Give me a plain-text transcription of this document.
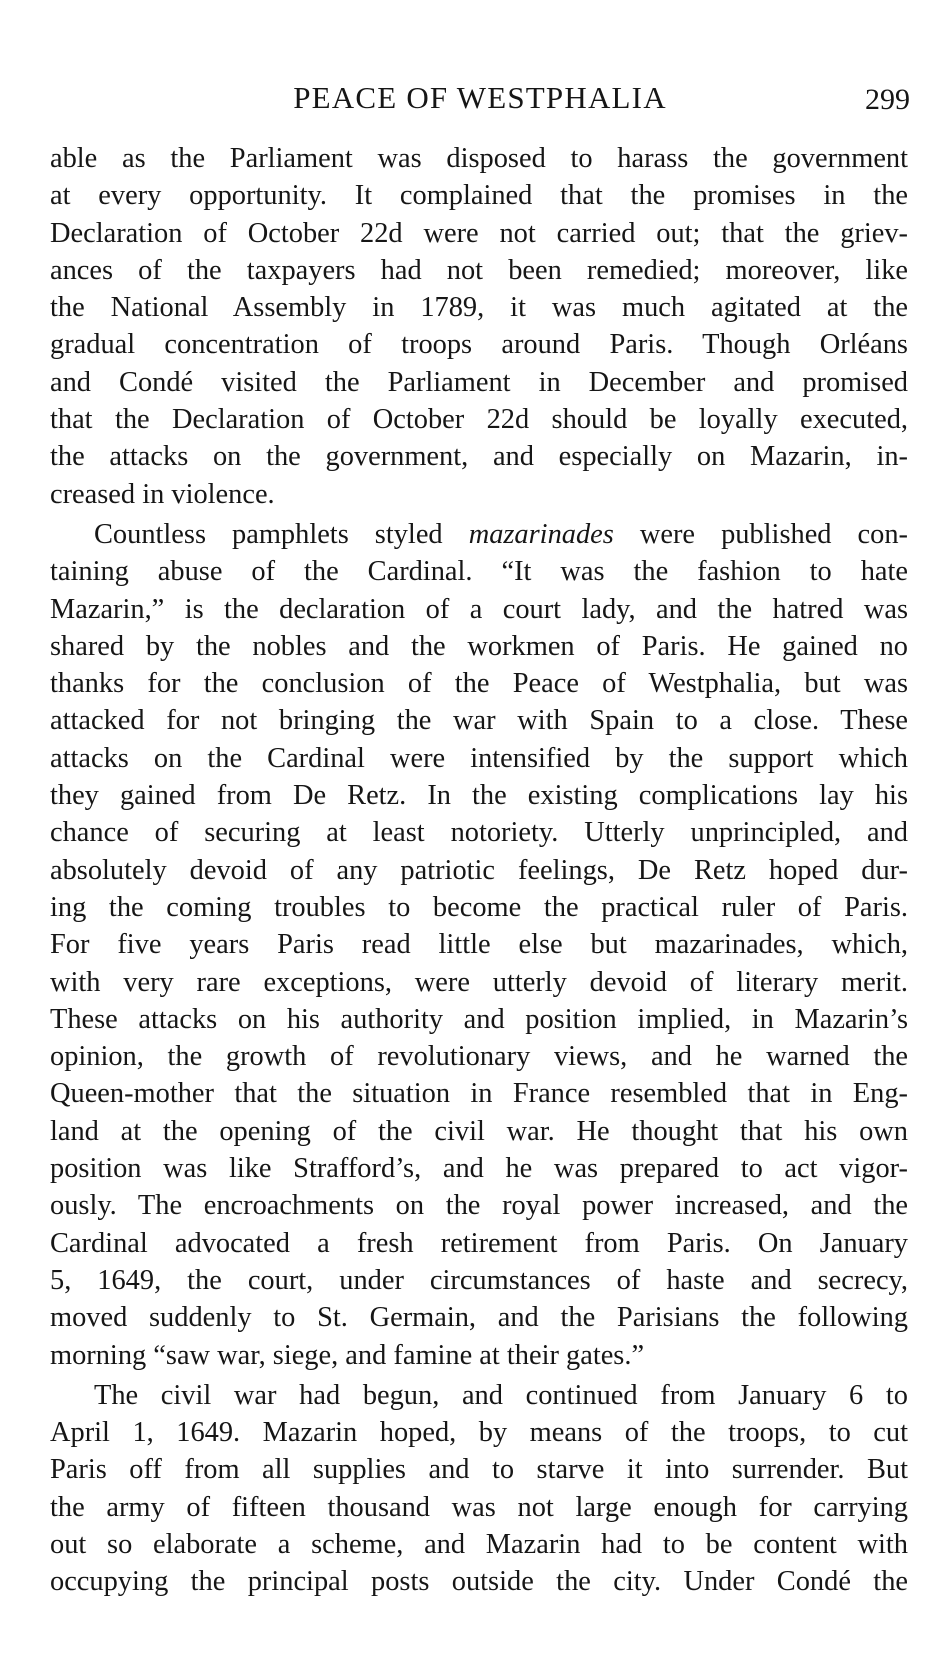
PEACE OF WESTPHALIA	299
able as the Parliament was disposed to harass the government
at every opportunity. It complained that the promises in the
Declaration of October 22d were not carried out; that the griev-
ances of the taxpayers had not been remedied; moreover, like
the National Assembly in 1789, it was much agitated at the
gradual concentration of troops around Paris. Though Orléans
and Condé visited the Parliament in December and promised
that the Declaration of October 22d should be loyally executed,
the attacks on the government, and especially on Mazarin, in-
creased in violence.
Countless pamphlets styled mazarinades were published con-
taining abuse of the Cardinal. “It was the fashion to hate
Mazarin,” is the declaration of a court lady, and the hatred was
shared by the nobles and the workmen of Paris. He gained no
thanks for the conclusion of the Peace of Westphalia, but was
attacked for not bringing the war with Spain to a close. These
attacks on the Cardinal were intensified by the support which
they gained from De Retz. In the existing complications lay his
chance of securing at least notoriety. Utterly unprincipled, and
absolutely devoid of any patriotic feelings, De Retz hoped dur-
ing the coming troubles to become the practical ruler of Paris.
For five years Paris read little else but mazarinades, which,
with very rare exceptions, were utterly devoid of literary merit.
These attacks on his authority and position implied, in Mazarin’s
opinion, the growth of revolutionary views, and he warned the
Queen-mother that the situation in France resembled that in Eng-
land at the opening of the civil war. He thought that his own
position was like Strafford’s, and he was prepared to act vigor-
ously. The encroachments on the royal power increased, and the
Cardinal advocated a fresh retirement from Paris. On January
5, 1649, the court, under circumstances of haste and secrecy,
moved suddenly to St. Germain, and the Parisians the following
morning “saw war, siege, and famine at their gates.”
The civil war had begun, and continued from January 6 to
April 1, 1649. Mazarin hoped, by means of the troops, to cut
Paris off from all supplies and to starve it into surrender. But
the army of fifteen thousand was not large enough for carrying
out so elaborate a scheme, and Mazarin had to be content with
occupying the principal posts outside the city. Under Condé the
